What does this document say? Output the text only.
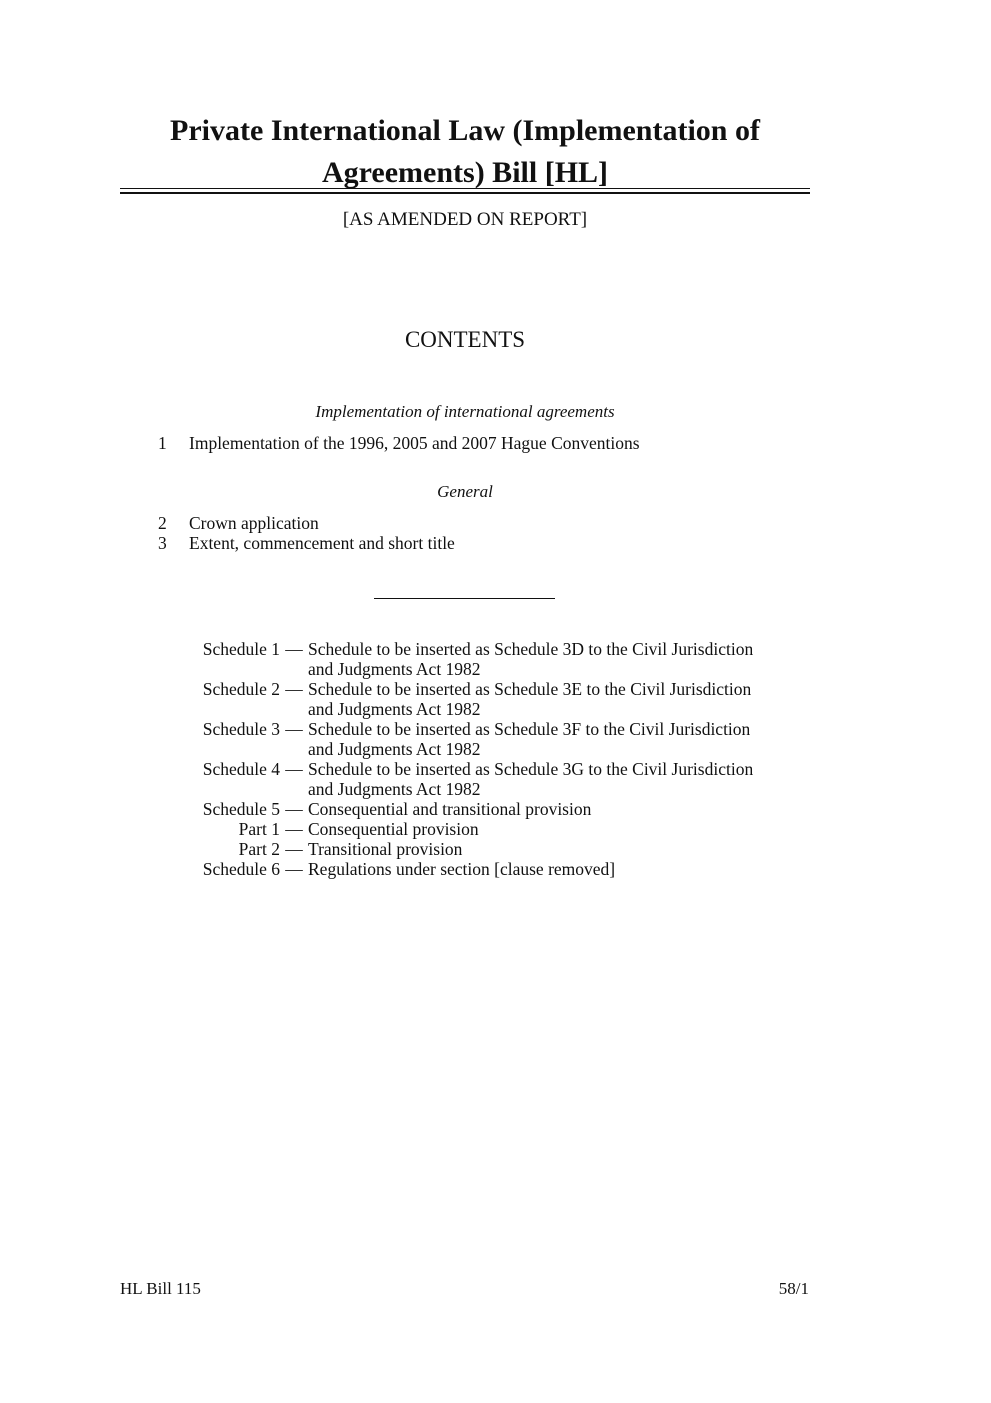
Private International Law (Implementation of
Agreements) Bill [HL]
[AS AMENDED ON REPORT]
CONTENTS
Implementation of international agreements
1 Implementation of the 1996, 2005 and 2007 Hague Conventions
General
2 Crown application
3 Extent, commencement and short title
Schedule 1 — Schedule to be inserted as Schedule 3D to the Civil Jurisdiction
and Judgments Act 1982
Schedule 2 — Schedule to be inserted as Schedule 3E to the Civil Jurisdiction
and Judgments Act 1982
Schedule 3 — Schedule to be inserted as Schedule 3F to the Civil Jurisdiction
and Judgments Act 1982
Schedule 4 — Schedule to be inserted as Schedule 3G to the Civil Jurisdiction
and Judgments Act 1982
Schedule 5 — Consequential and transitional provision
Part 1 — Consequential provision
Part 2 — Transitional provision
Schedule 6 — Regulations under section [clause removed]
HL Bill 115	58/1
